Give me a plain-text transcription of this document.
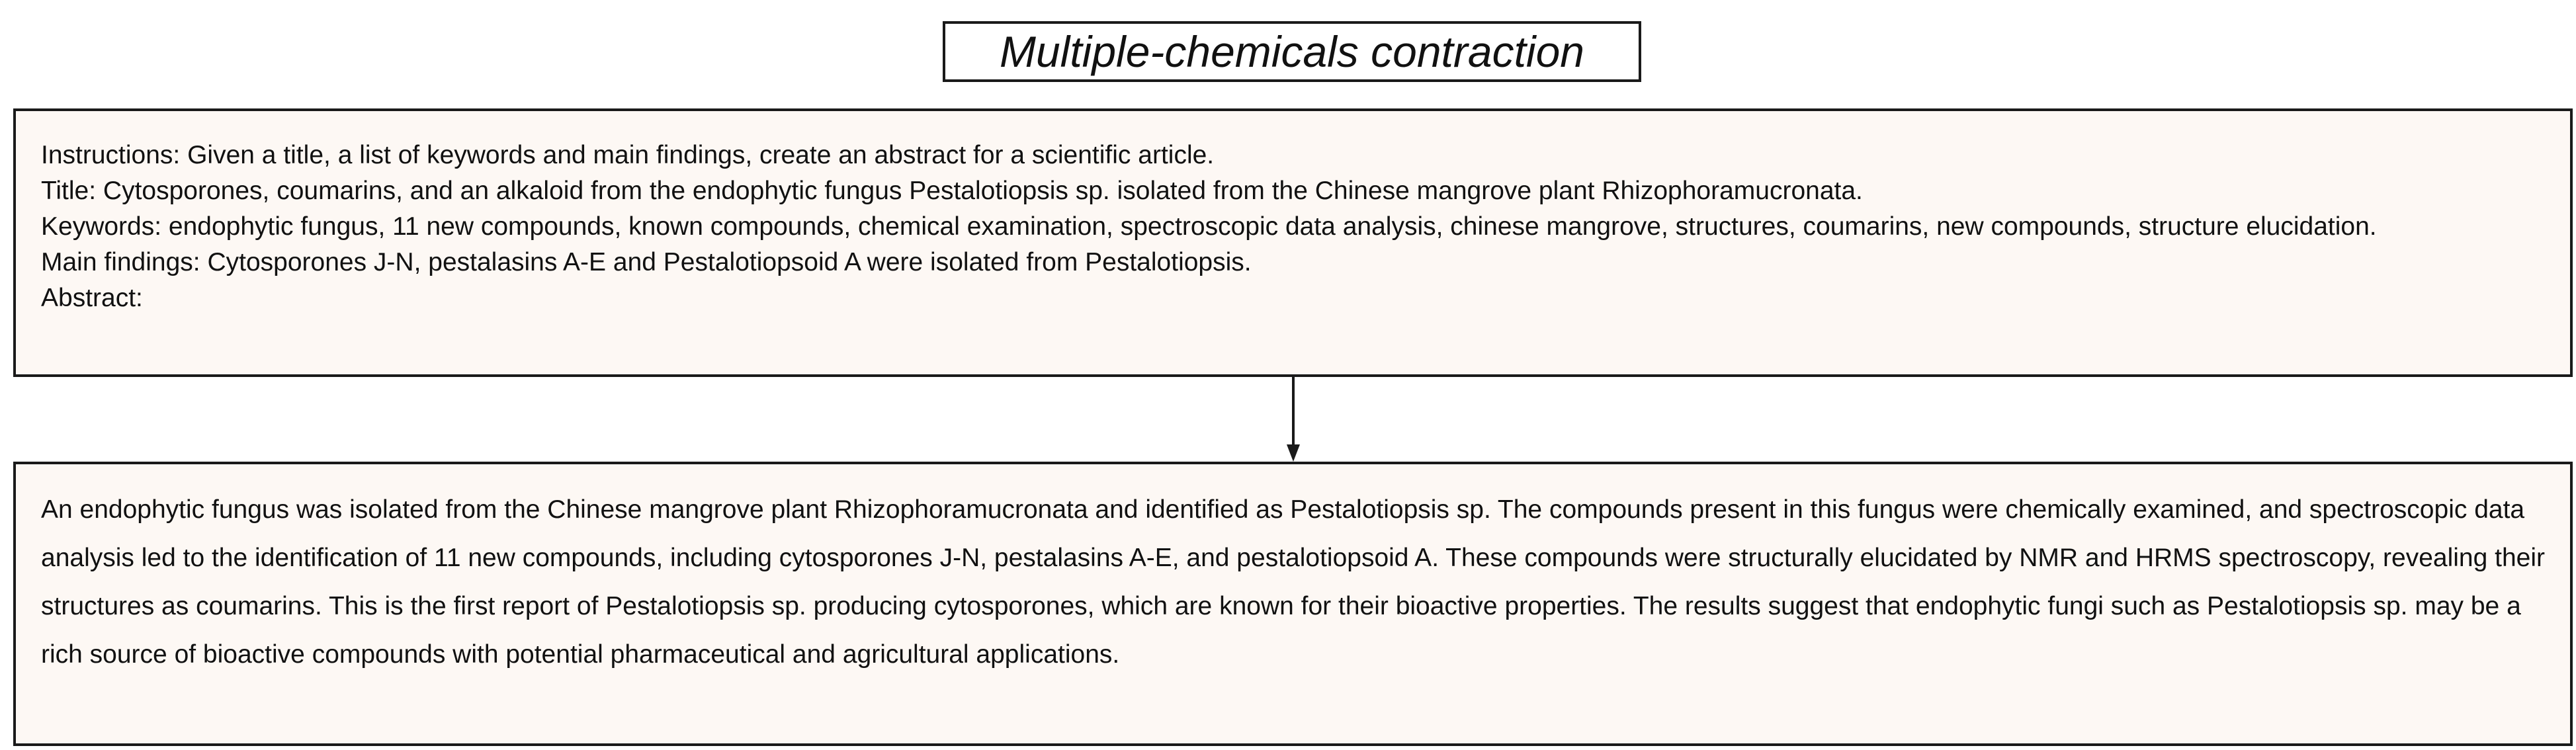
Multiple-chemicals contraction

Instructions: Given a title, a list of keywords and main findings, create an abstract for a scientific article.

Title: Cytosporones, coumarins, and an alkaloid from the endophytic fungus Pestalotiopsis sp. isolated from the Chinese mangrove plant Rhizophoramucronata.

Keywords: endophytic fungus, 11 new compounds, known compounds, chemical examination, spectroscopic data analysis, chinese mangrove, structures, coumarins, new compounds, structure elucidation.

Main findings: Cytosporones J-N, pestalasins A-E and Pestalotiopsoid A were isolated from Pestalotiopsis.

Abstract:

An endophytic fungus was isolated from the Chinese mangrove plant Rhizophoramucronata and identified as Pestalotiopsis sp. The compounds present in this fungus were chemically examined, and spectroscopic data analysis led to the identification of 11 new compounds, including cytosporones J-N, pestalasins A-E, and pestalotiopsoid A. These compounds were structurally elucidated by NMR and HRMS spectroscopy, revealing their structures as coumarins. This is the first report of Pestalotiopsis sp. producing cytosporones, which are known for their bioactive properties. The results suggest that endophytic fungi such as Pestalotiopsis sp. may be a rich source of bioactive compounds with potential pharmaceutical and agricultural applications.
